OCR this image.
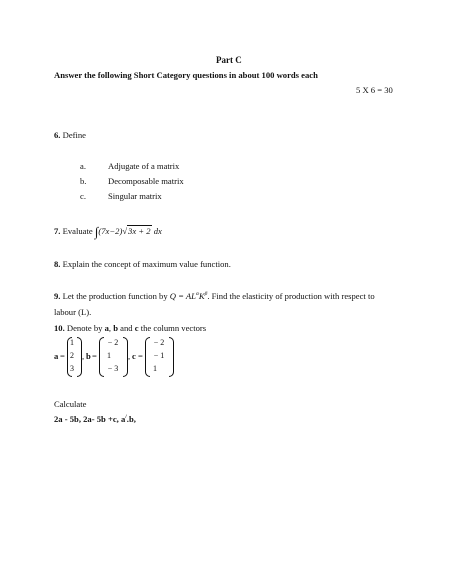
Part C
Answer the following Short Category questions in about 100 words each
5 X 6 = 30
6. Define
a.	Adjugate of a matrix
b.	Decomposable matrix
c.	Singular matrix
7. Evaluate ∫(7x−2)√3x + 2 dx
8. Explain the concept of maximum value function.
9. Let the production function by $Q = AL^\alpha K^\beta$. Find the elasticity of production with respect to
labour (L).
10. Denote by a, b and c the column vectors
a =
1
2
3
, b =
− 2
1
− 3
, c =
− 2
− 1
1
Calculate
2a - 5b, 2a- 5b +c, a/.b,
